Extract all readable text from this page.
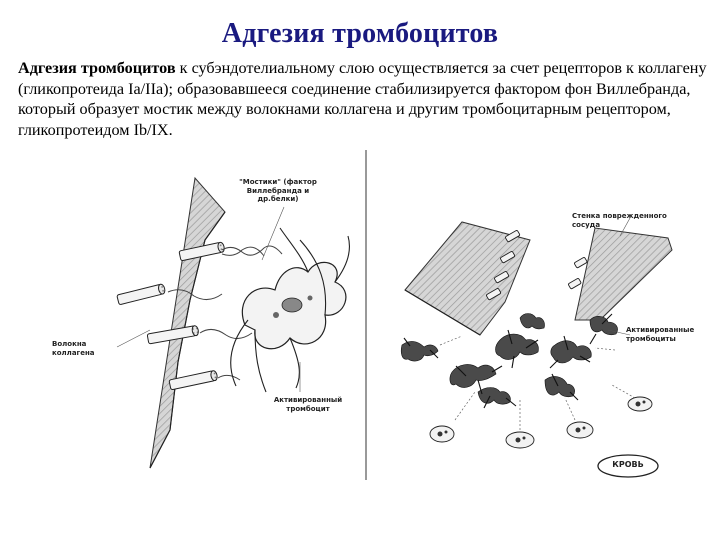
Адгезия тромбоцитов
Адгезия тромбоцитов к субэндотелиальному слою осуществляется за счет рецепторов к коллагену (гликопротеида Iа/IIа); образовавшееся соединение стабилизируется фактором фон Виллебранда, который образует мостик между волокнами коллагена и другим тромбоцитарным рецептором, гликопротеидом Ib/IX.
"Мостики" (фактор Виллебранда и др.белки)
Волокна коллагена
Активированный тромбоцит
Стенка поврежденного сосуда
Активированные тромбоциты
КРОВЬ
